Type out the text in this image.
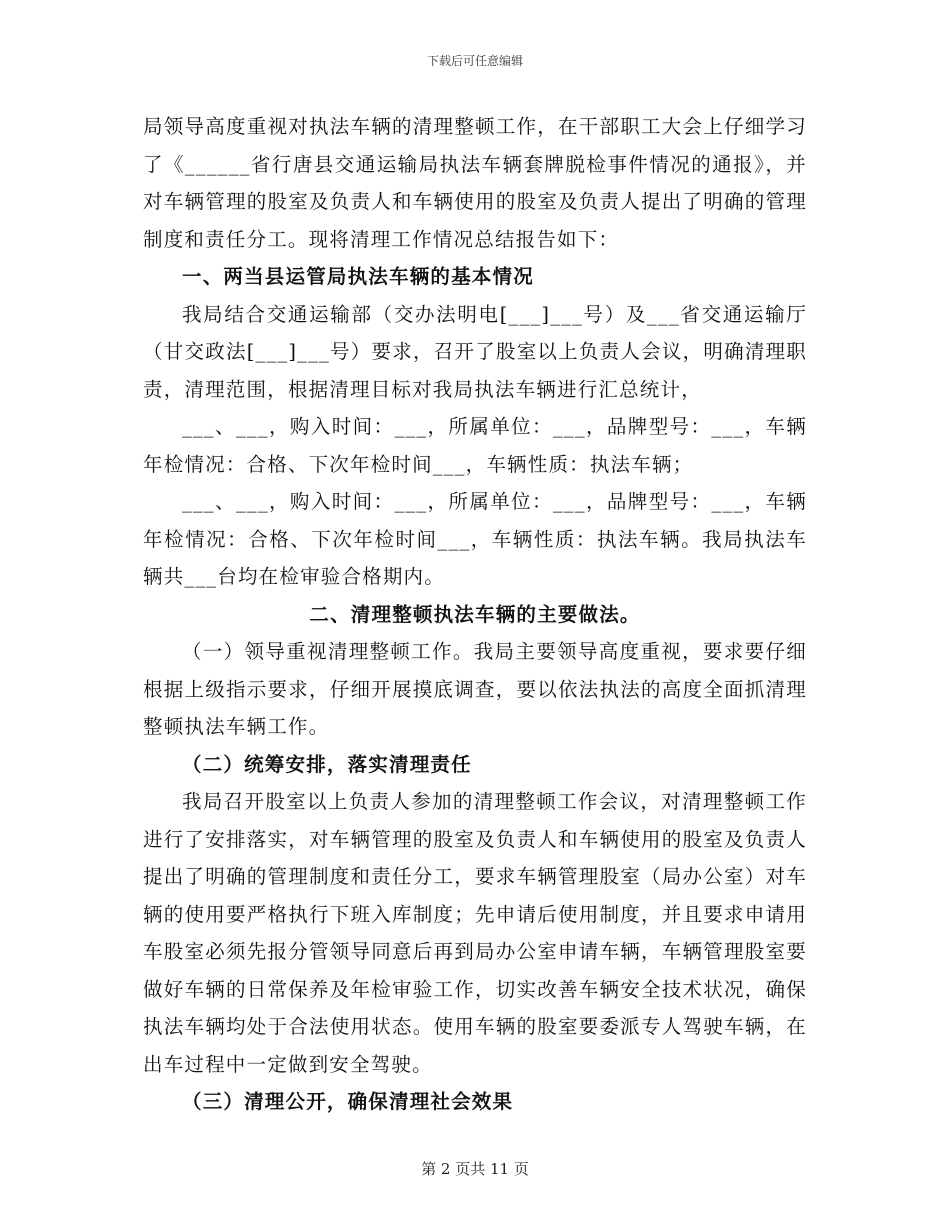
下载后可任意编辑

局领导高度重视对执法车辆的清理整顿工作，在干部职工大会上仔细学习了《______省行唐县交通运输局执法车辆套牌脱检事件情况的通报》，并对车辆管理的股室及负责人和车辆使用的股室及负责人提出了明确的管理制度和责任分工。现将清理工作情况总结报告如下：

一、两当县运管局执法车辆的基本情况

我局结合交通运输部（交办法明电[___]___号）及___省交通运输厅（甘交政法[___]___号）要求，召开了股室以上负责人会议，明确清理职责，清理范围，根据清理目标对我局执法车辆进行汇总统计，

___、___，购入时间：___，所属单位：___，品牌型号：___，车辆年检情况：合格、下次年检时间___，车辆性质：执法车辆；

___、___，购入时间：___，所属单位：___，品牌型号：___，车辆年检情况：合格、下次年检时间___，车辆性质：执法车辆。我局执法车辆共___台均在检审验合格期内。

二、清理整顿执法车辆的主要做法。

（一）领导重视清理整顿工作。我局主要领导高度重视，要求要仔细根据上级指示要求，仔细开展摸底调查，要以依法执法的高度全面抓清理整顿执法车辆工作。

（二）统筹安排，落实清理责任

我局召开股室以上负责人参加的清理整顿工作会议，对清理整顿工作进行了安排落实，对车辆管理的股室及负责人和车辆使用的股室及负责人提出了明确的管理制度和责任分工，要求车辆管理股室（局办公室）对车辆的使用要严格执行下班入库制度；先申请后使用制度，并且要求申请用车股室必须先报分管领导同意后再到局办公室申请车辆，车辆管理股室要做好车辆的日常保养及年检审验工作，切实改善车辆安全技术状况，确保执法车辆均处于合法使用状态。使用车辆的股室要委派专人驾驶车辆，在出车过程中一定做到安全驾驶。

（三）清理公开，确保清理社会效果

第 2 页共 11 页
